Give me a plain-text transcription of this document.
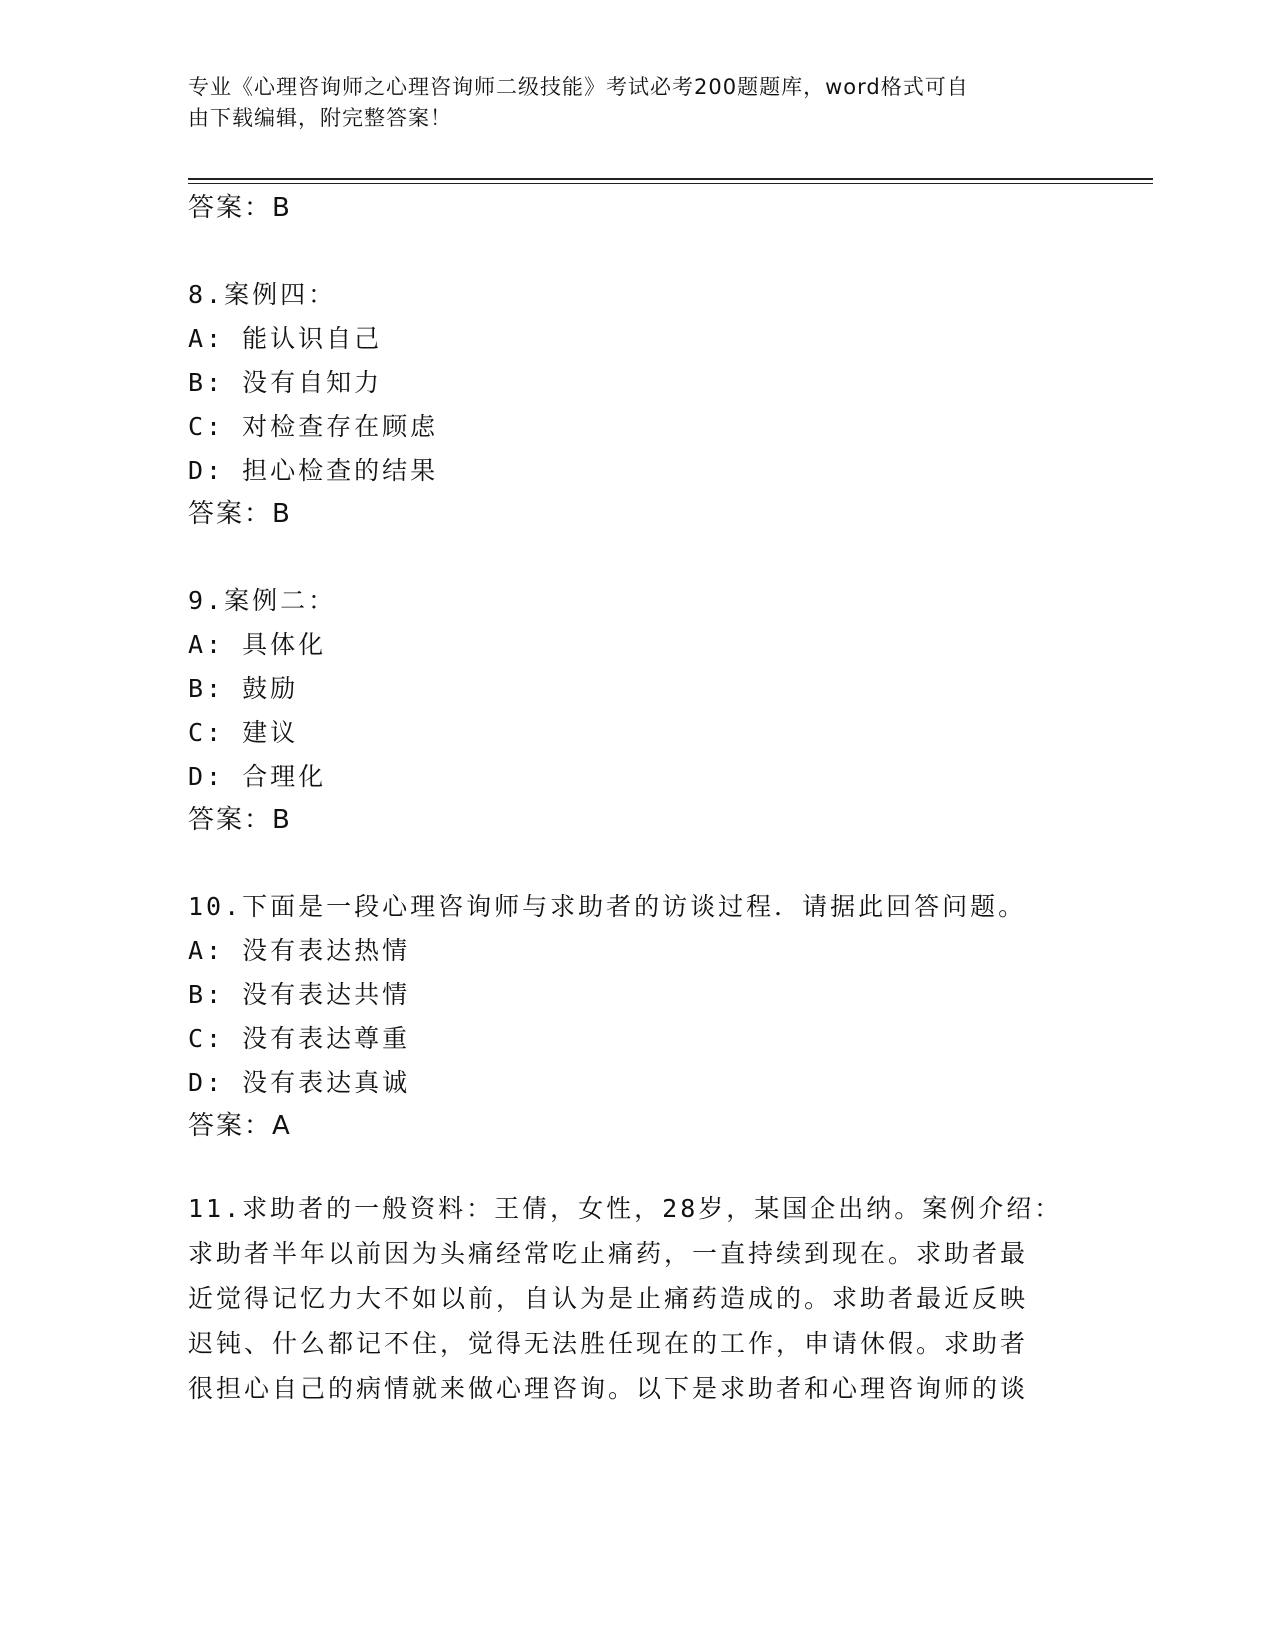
专业《心理咨询师之心理咨询师二级技能》考试必考200题题库，word格式可自
由下载编辑，附完整答案！
答案：B
8.案例四：
A: 能认识自己
B: 没有自知力
C: 对检查存在顾虑
D: 担心检查的结果
答案：B
9.案例二：
A: 具体化
B: 鼓励
C: 建议
D: 合理化
答案：B
10.下面是一段心理咨询师与求助者的访谈过程．请据此回答问题。
A: 没有表达热情
B: 没有表达共情
C: 没有表达尊重
D: 没有表达真诚
答案：A
11.求助者的一般资料：王倩，女性，28岁，某国企出纳。案例介绍：
求助者半年以前因为头痛经常吃止痛药，一直持续到现在。求助者最
近觉得记忆力大不如以前，自认为是止痛药造成的。求助者最近反映
迟钝、什么都记不住，觉得无法胜任现在的工作，申请休假。求助者
很担心自己的病情就来做心理咨询。以下是求助者和心理咨询师的谈
